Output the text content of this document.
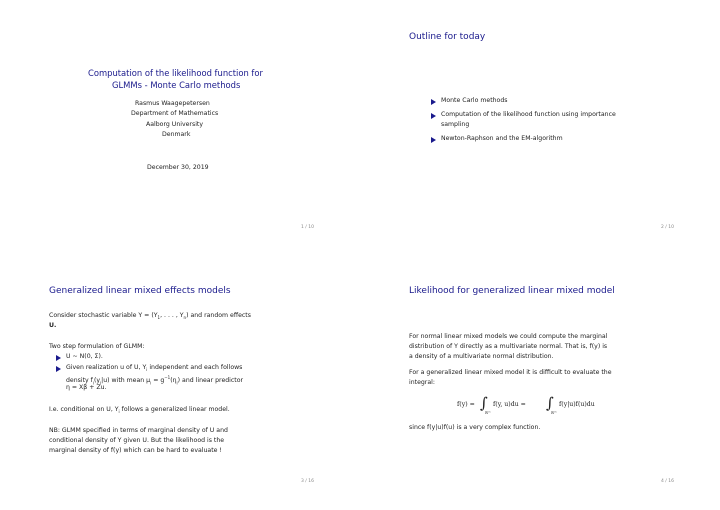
Computation of the likelihood function for
GLMMs - Monte Carlo methods
Rasmus Waagepetersen
Department of Mathematics
Aalborg University
Denmark
December 30, 2019
1 / 10
Outline for today
Monte Carlo methods
Computation of the likelihood function using importance
sampling
Newton-Raphson and the EM-algorithm
2 / 10
Generalized linear mixed effects models
Consider stochastic variable $Y = (Y_1$, . . . , $Y_n$) and random effects
U.
Two step formulation of GLMM:
U ~ N(0, Σ).
Given realization u of U, $Y_i$ independent and each follows
density $f_i(y_i|u)$ with mean $\mu_i = g^{-1}(\eta_i)$ and linear predictor
η = Xβ + Zu.
I.e. conditional on U, $Y_i$ follows a generalized linear model.
NB: GLMM specified in terms of marginal density of U and
conditional density of Y given U. But the likelihood is the
marginal density of f(y) which can be hard to evaluate !
3 / 16
Likelihood for generalized linear mixed model
For normal linear mixed models we could compute the marginal
distribution of Y directly as a multivariate normal. That is, f(y) is
a density of a multivariate normal distribution.
For a generalized linear mixed model it is difficult to evaluate the
integral:
f(y) = ∫
ℝᵐ
f(y, u)du = ∫
ℝᵐ
f(y|u)f(u)du
since f(y|u)f(u) is a very complex function.
4 / 16
